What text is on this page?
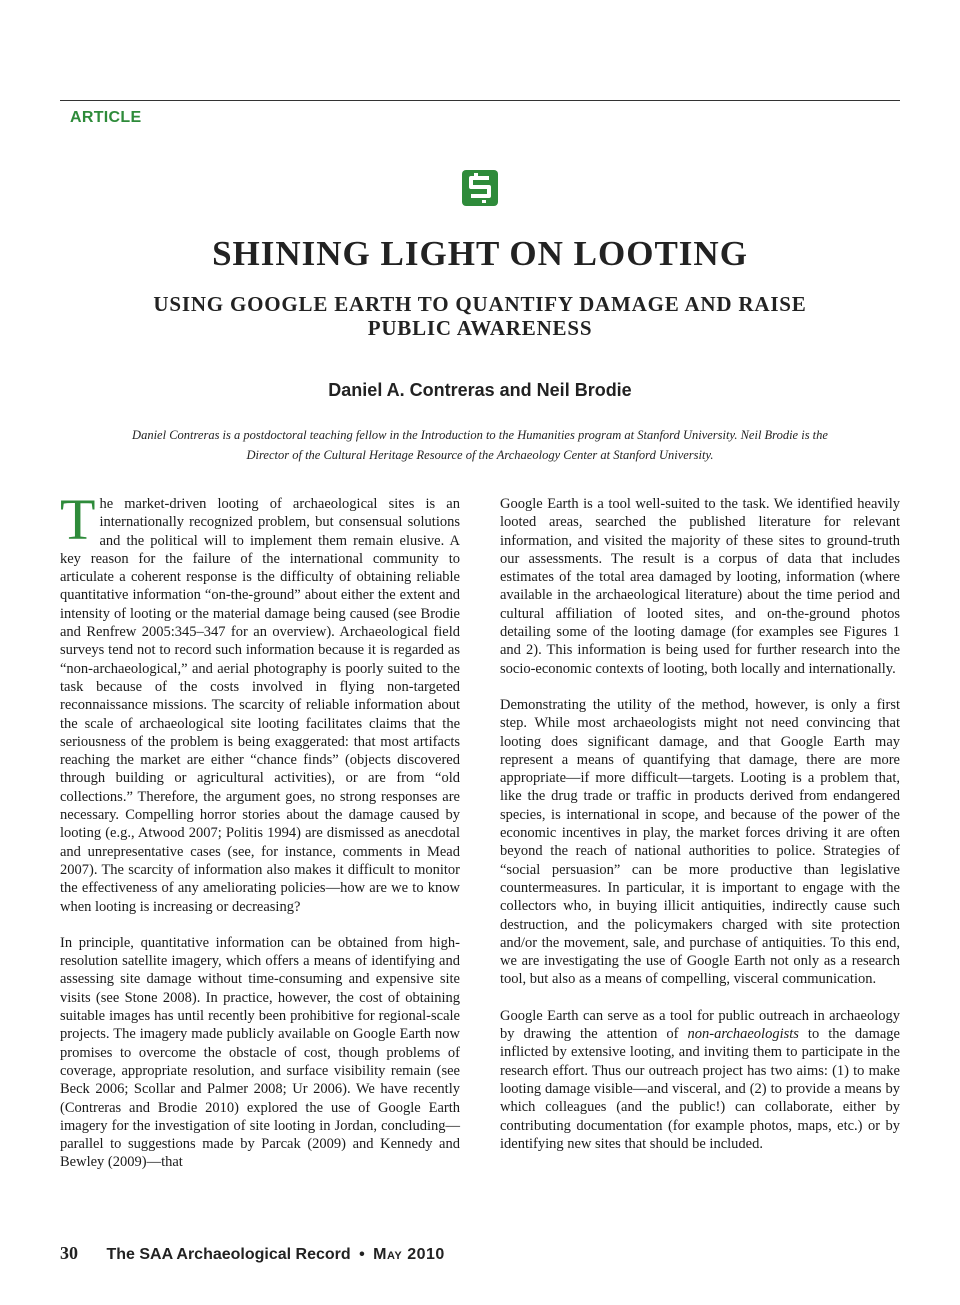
ARTICLE
SHINING LIGHT ON LOOTING
USING GOOGLE EARTH TO QUANTIFY DAMAGE AND RAISE PUBLIC AWARENESS
Daniel A. Contreras and Neil Brodie
Daniel Contreras is a postdoctoral teaching fellow in the Introduction to the Humanities program at Stanford University. Neil Brodie is the Director of the Cultural Heritage Resource of the Archaeology Center at Stanford University.

The market-driven looting of archaeological sites is an internationally recognized problem, but consensual solutions and the political will to implement them remain elusive. A key reason for the failure of the international community to articulate a coherent response is the difficulty of obtaining reliable quantitative information “on-the-ground” about either the extent and intensity of looting or the material damage being caused (see Brodie and Renfrew 2005:345–347 for an overview). Archaeological field surveys tend not to record such information because it is regarded as “non-archaeological,” and aerial photography is poorly suited to the task because of the costs involved in flying non-targeted reconnaissance missions. The scarcity of reliable information about the scale of archaeological site looting facilitates claims that the seriousness of the problem is being exaggerated: that most artifacts reaching the market are either “chance finds” (objects discovered through building or agricultural activities), or are from “old collections.” Therefore, the argument goes, no strong responses are necessary. Compelling horror stories about the damage caused by looting (e.g., Atwood 2007; Politis 1994) are dismissed as anecdotal and unrepresentative cases (see, for instance, comments in Mead 2007). The scarcity of information also makes it difficult to monitor the effectiveness of any ameliorating policies—how are we to know when looting is increasing or decreasing?

In principle, quantitative information can be obtained from high-resolution satellite imagery, which offers a means of identifying and assessing site damage without time-consuming and expensive site visits (see Stone 2008). In practice, however, the cost of obtaining suitable images has until recently been prohibitive for regional-scale projects. The imagery made publicly available on Google Earth now promises to overcome the obstacle of cost, though problems of coverage, appropriate resolution, and surface visibility remain (see Beck 2006; Scollar and Palmer 2008; Ur 2006). We have recently (Contreras and Brodie 2010) explored the use of Google Earth imagery for the investigation of site looting in Jordan, concluding—parallel to suggestions made by Parcak (2009) and Kennedy and Bewley (2009)—that

Google Earth is a tool well-suited to the task. We identified heavily looted areas, searched the published literature for relevant information, and visited the majority of these sites to ground-truth our assessments. The result is a corpus of data that includes estimates of the total area damaged by looting, information (where available in the archaeological literature) about the time period and cultural affiliation of looted sites, and on-the-ground photos detailing some of the looting damage (for examples see Figures 1 and 2). This information is being used for further research into the socio-economic contexts of looting, both locally and internationally.

Demonstrating the utility of the method, however, is only a first step. While most archaeologists might not need convincing that looting does significant damage, and that Google Earth may represent a means of quantifying that damage, there are more appropriate—if more difficult—targets. Looting is a problem that, like the drug trade or traffic in products derived from endangered species, is international in scope, and because of the power of the economic incentives in play, the market forces driving it are often beyond the reach of national authorities to police. Strategies of “social persuasion” can be more productive than legislative countermeasures. In particular, it is important to engage with the collectors who, in buying illicit antiquities, indirectly cause such destruction, and the policymakers charged with site protection and/or the movement, sale, and purchase of antiquities. To this end, we are investigating the use of Google Earth not only as a research tool, but also as a means of compelling, visceral communication.

Google Earth can serve as a tool for public outreach in archaeology by drawing the attention of non-archaeologists to the damage inflicted by extensive looting, and inviting them to participate in the research effort. Thus our outreach project has two aims: (1) to make looting damage visible—and visceral, and (2) to provide a means by which colleagues (and the public!) can collaborate, either by contributing documentation (for example photos, maps, etc.) or by identifying new sites that should be included.

30 The SAA Archaeological Record • May 2010
